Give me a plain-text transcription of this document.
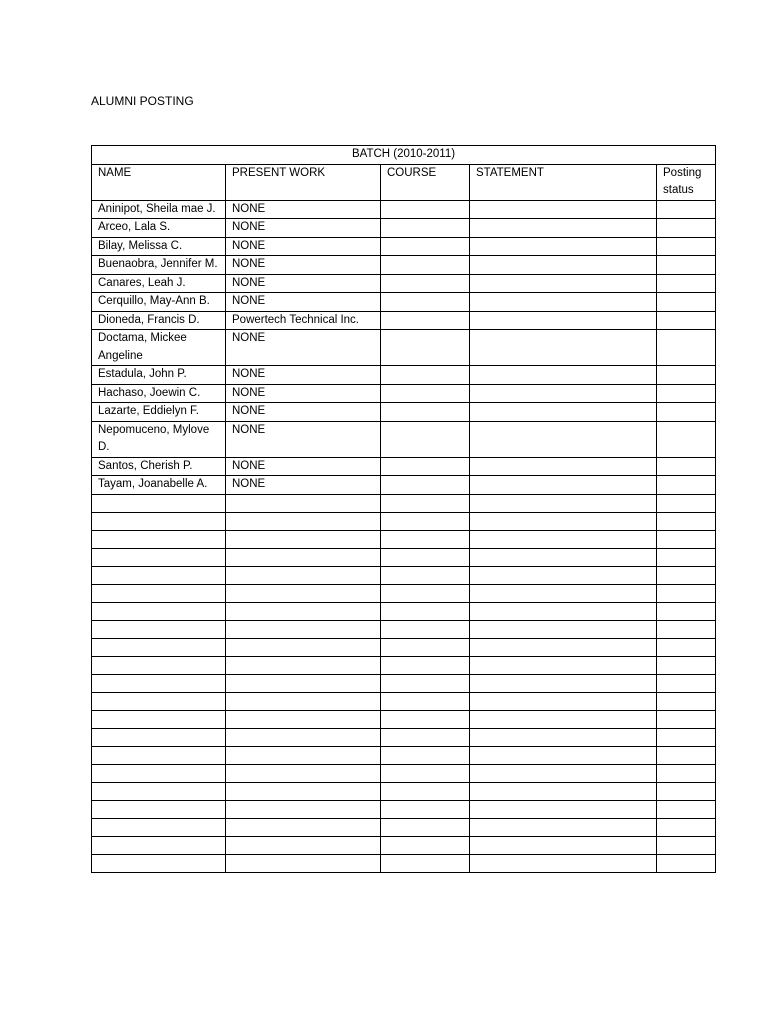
ALUMNI POSTING
BATCH (2010-2011)				
NAME	PRESENT WORK	COURSE	STATEMENT	Posting status
Aninipot, Sheila mae J.	NONE			
Arceo, Lala S.	NONE			
Bilay, Melissa C.	NONE			
Buenaobra, Jennifer M.	NONE			
Canares, Leah J.	NONE			
Cerquillo, May-Ann B.	NONE			
Dioneda, Francis D.	Powertech Technical Inc.			
Doctama, Mickee Angeline	NONE			
Estadula, John P.	NONE			
Hachaso, Joewin C.	NONE			
Lazarte, Eddielyn F.	NONE			
Nepomuceno, Mylove D.	NONE			
Santos, Cherish P.	NONE			
Tayam, Joanabelle A.	NONE			
